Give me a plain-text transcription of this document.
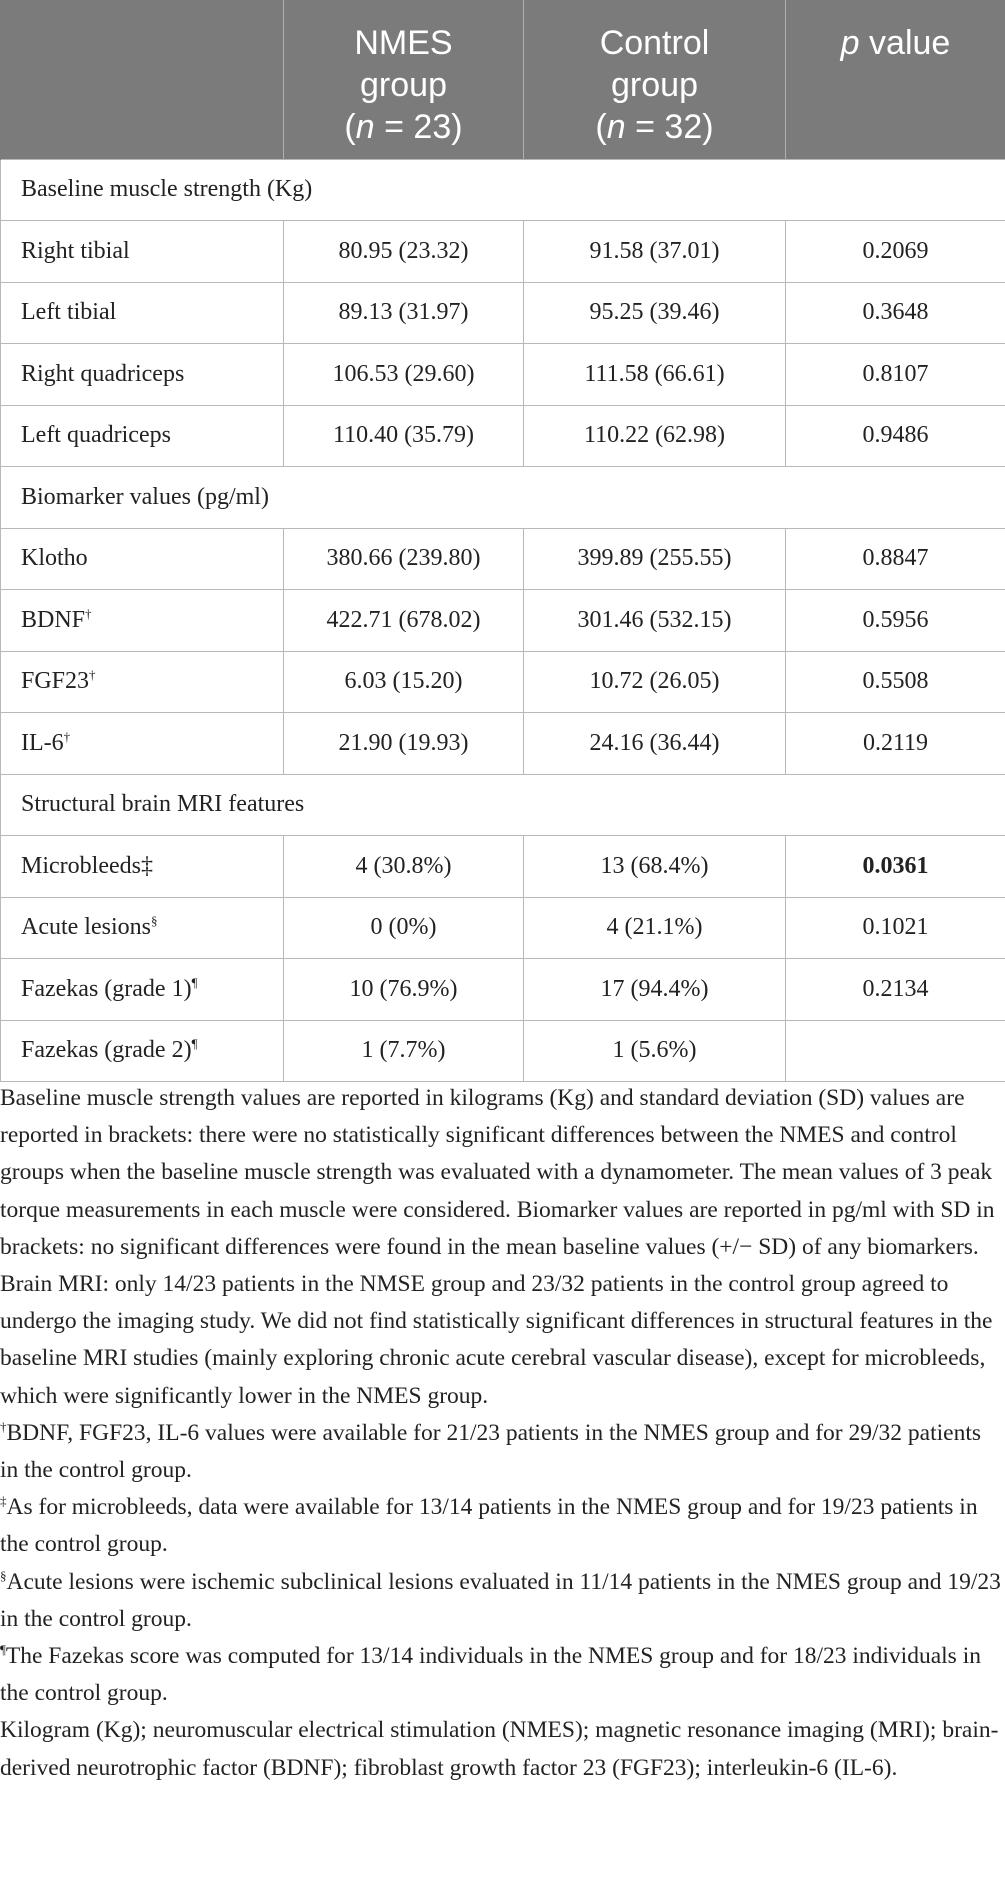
	NMES
group
(n = 23)	Control
group
(n = 32)	p value
Baseline muscle strength (Kg)			
Right tibial	80.95 (23.32)	91.58 (37.01)	0.2069
Left tibial	89.13 (31.97)	95.25 (39.46)	0.3648
Right quadriceps	106.53 (29.60)	111.58 (66.61)	0.8107
Left quadriceps	110.40 (35.79)	110.22 (62.98)	0.9486
Biomarker values (pg/ml)			
Klotho	380.66 (239.80)	399.89 (255.55)	0.8847
BDNF†	422.71 (678.02)	301.46 (532.15)	0.5956
FGF23†	6.03 (15.20)	10.72 (26.05)	0.5508
IL-6†	21.90 (19.93)	24.16 (36.44)	0.2119
Structural brain MRI features			
Microbleeds‡	4 (30.8%)	13 (68.4%)	0.0361
Acute lesions§	0 (0%)	4 (21.1%)	0.1021
Fazekas (grade 1)¶	10 (76.9%)	17 (94.4%)	0.2134
Fazekas (grade 2)¶	1 (7.7%)	1 (5.6%)	

Baseline muscle strength values are reported in kilograms (Kg) and standard deviation (SD) values are reported in brackets: there were no statistically significant differences between the NMES and control groups when the baseline muscle strength was evaluated with a dynamometer. The mean values of 3 peak torque measurements in each muscle were considered. Biomarker values are reported in pg/ml with SD in brackets: no significant differences were found in the mean baseline values (+/− SD) of any biomarkers. Brain MRI: only 14/23 patients in the NMSE group and 23/32 patients in the control group agreed to undergo the imaging study. We did not find statistically significant differences in structural features in the baseline MRI studies (mainly exploring chronic acute cerebral vascular disease), except for microbleeds, which were significantly lower in the NMES group.

†BDNF, FGF23, IL-6 values were available for 21/23 patients in the NMES group and for 29/32 patients in the control group.

‡As for microbleeds, data were available for 13/14 patients in the NMES group and for 19/23 patients in the control group.

§Acute lesions were ischemic subclinical lesions evaluated in 11/14 patients in the NMES group and 19/23 in the control group.

¶The Fazekas score was computed for 13/14 individuals in the NMES group and for 18/23 individuals in the control group.

Kilogram (Kg); neuromuscular electrical stimulation (NMES); magnetic resonance imaging (MRI); brain-derived neurotrophic factor (BDNF); fibroblast growth factor 23 (FGF23); interleukin-6 (IL-6).
